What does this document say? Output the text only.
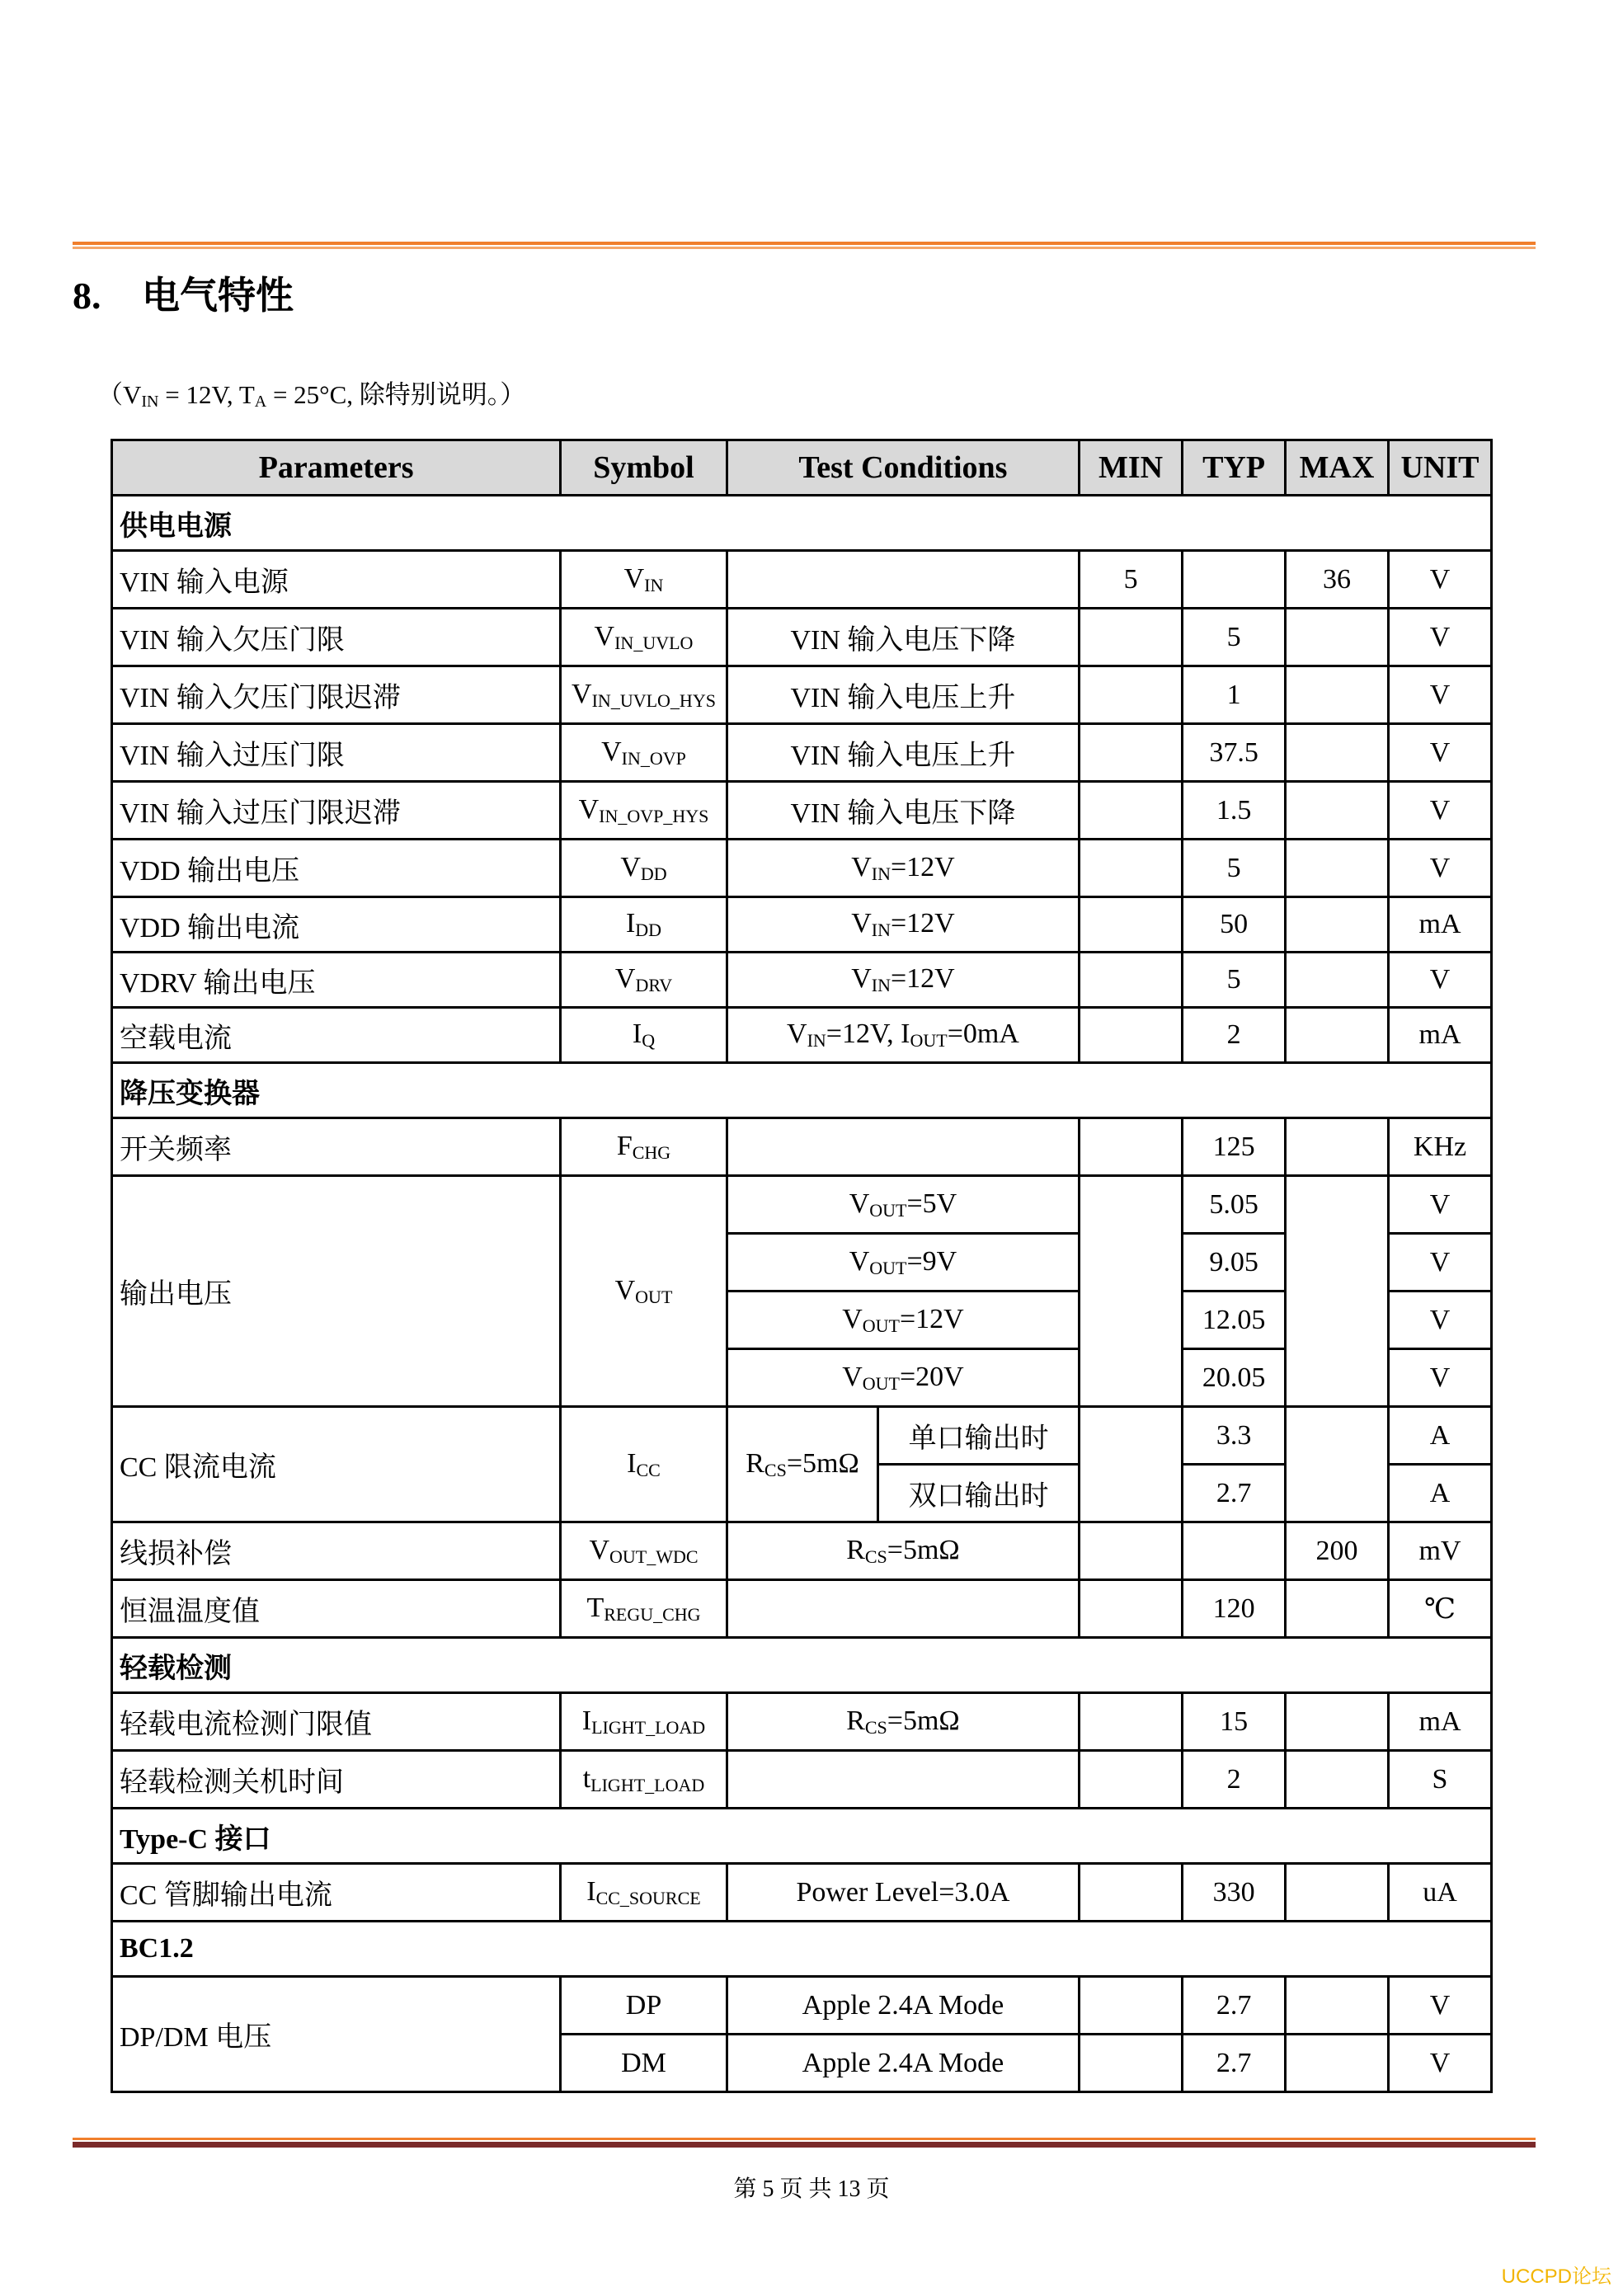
8. 电气特性
（$V_{IN} = 12V$, $T_A = 25^\circ C$, 除特别说明。）
Parameters	Symbol	Test Conditions		MIN	TYP	MAX	UNIT
供电电源							
VIN 输入电源	$V_{IN}$			5		36	V
VIN 输入欠压门限	$V_{IN\_UVLO}$	VIN 输入电压下降			5		V
VIN 输入欠压门限迟滞	$V_{IN\_UVLO\_HYS}$	VIN 输入电压上升			1		V
VIN 输入过压门限	$V_{IN\_OVP}$	VIN 输入电压上升			37.5		V
VIN 输入过压门限迟滞	$V_{IN\_OVP\_HYS}$	VIN 输入电压下降			1.5		V
VDD 输出电压	$V_{DD}$	$V_{IN}=12V$			5		V
VDD 输出电流	$I_{DD}$	$V_{IN}=12V$			50		mA
VDRV 输出电压	$V_{DRV}$	$V_{IN}=12V$			5		V
空载电流	$I_Q$	$V_{IN}=12V$, $I_{OUT}=0mA$			2		mA
降压变换器							
开关频率	$F_{CHG}$				125		KHz
输出电压	$V_{OUT}$	$V_{OUT}=5V$			5.05		V
		$V_{OUT}=9V$			9.05		V
		$V_{OUT}=12V$			12.05		V
		$V_{OUT}=20V$			20.05		V
CC 限流电流	$I_{CC}$	$R_{CS}=5m\Omega$	单口输出时		3.3		A
			双口输出时		2.7		A
线损补偿	$V_{OUT\_WDC}$	$R_{CS}=5m\Omega$				200	mV
恒温温度值	$T_{REGU\_CHG}$				120		℃
轻载检测							
轻载电流检测门限值	$I_{LIGHT\_LOAD}$	$R_{CS}=5m\Omega$			15		mA
轻载检测关机时间	$t_{LIGHT\_LOAD}$				2		S
Type-C 接口							
CC 管脚输出电流	$I_{CC\_SOURCE}$	Power Level=3.0A			330		uA
BC1.2							
DP/DM 电压	DP	Apple 2.4A Mode			2.7		V
	DM	Apple 2.4A Mode			2.7		V
第 5 页 共 13 页
UCCPD论坛
